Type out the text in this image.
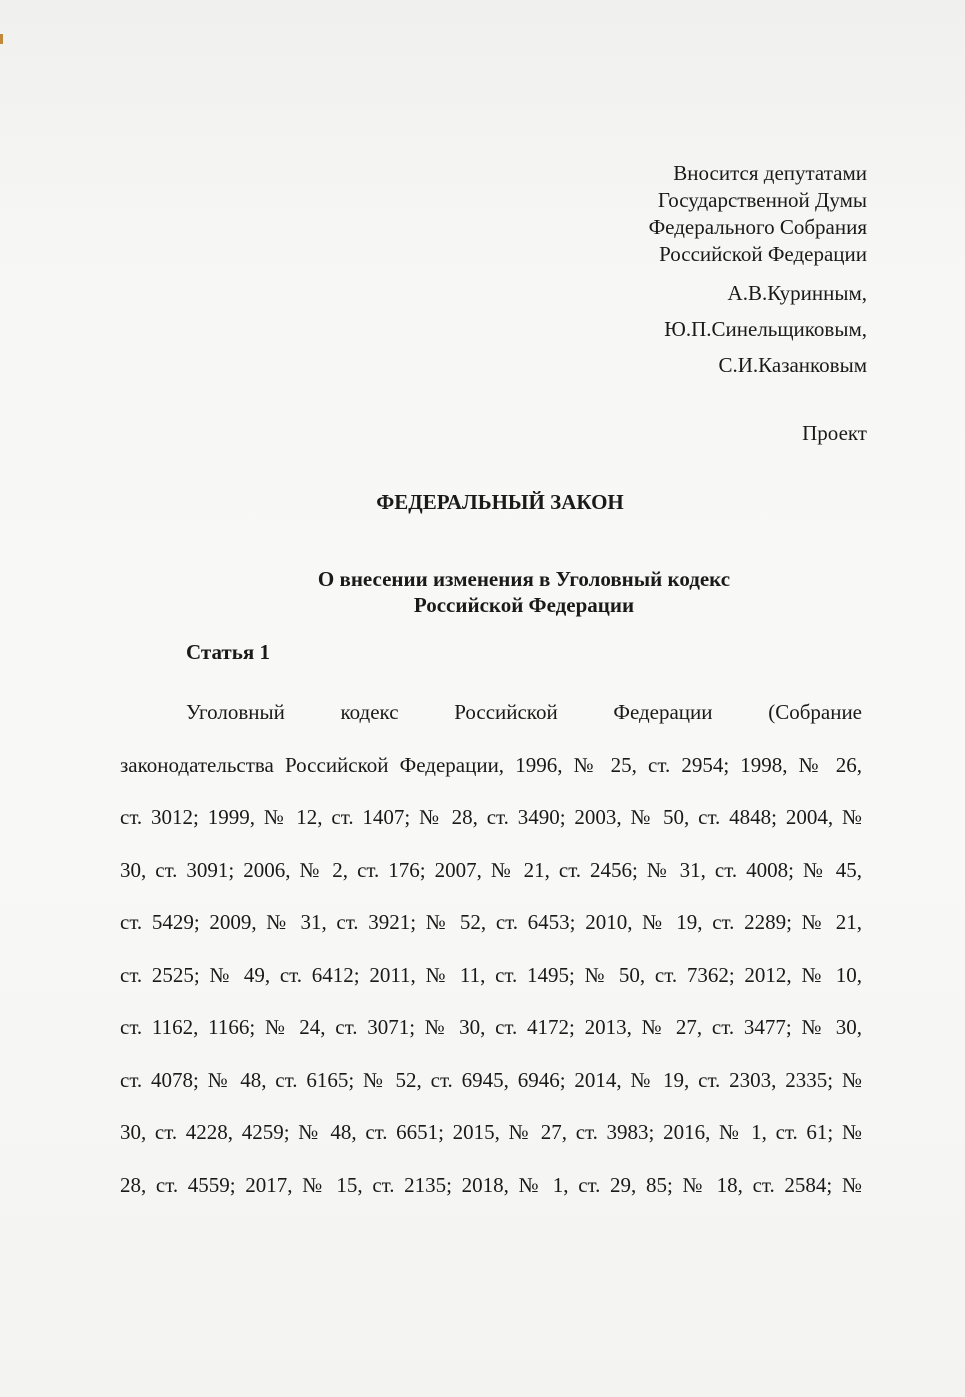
Вносится депутатами
Государственной Думы
Федерального Собрания
Российской Федерации
А.В.Куринным,
Ю.П.Синельщиковым,
С.И.Казанковым
Проект
ФЕДЕРАЛЬНЫЙ ЗАКОН
О внесении изменения в Уголовный кодекс
Российской Федерации
Статья 1
Уголовный кодекс Российской Федерации (Собрание
законодательства Российской Федерации, 1996, № 25, ст. 2954; 1998, № 26,
ст. 3012; 1999, № 12, ст. 1407; № 28, ст. 3490; 2003, № 50, ст. 4848; 2004, №
30, ст. 3091; 2006, № 2, ст. 176; 2007, № 21, ст. 2456; № 31, ст. 4008; № 45,
ст. 5429; 2009, № 31, ст. 3921; № 52, ст. 6453; 2010, № 19, ст. 2289; № 21,
ст. 2525; № 49, ст. 6412; 2011, № 11, ст. 1495; № 50, ст. 7362; 2012, № 10,
ст. 1162, 1166; № 24, ст. 3071; № 30, ст. 4172; 2013, № 27, ст. 3477; № 30,
ст. 4078; № 48, ст. 6165; № 52, ст. 6945, 6946; 2014, № 19, ст. 2303, 2335; №
30, ст. 4228, 4259; № 48, ст. 6651; 2015, № 27, ст. 3983; 2016, № 1, ст. 61; №
28, ст. 4559; 2017, № 15, ст. 2135; 2018, № 1, ст. 29, 85; № 18, ст. 2584; №
